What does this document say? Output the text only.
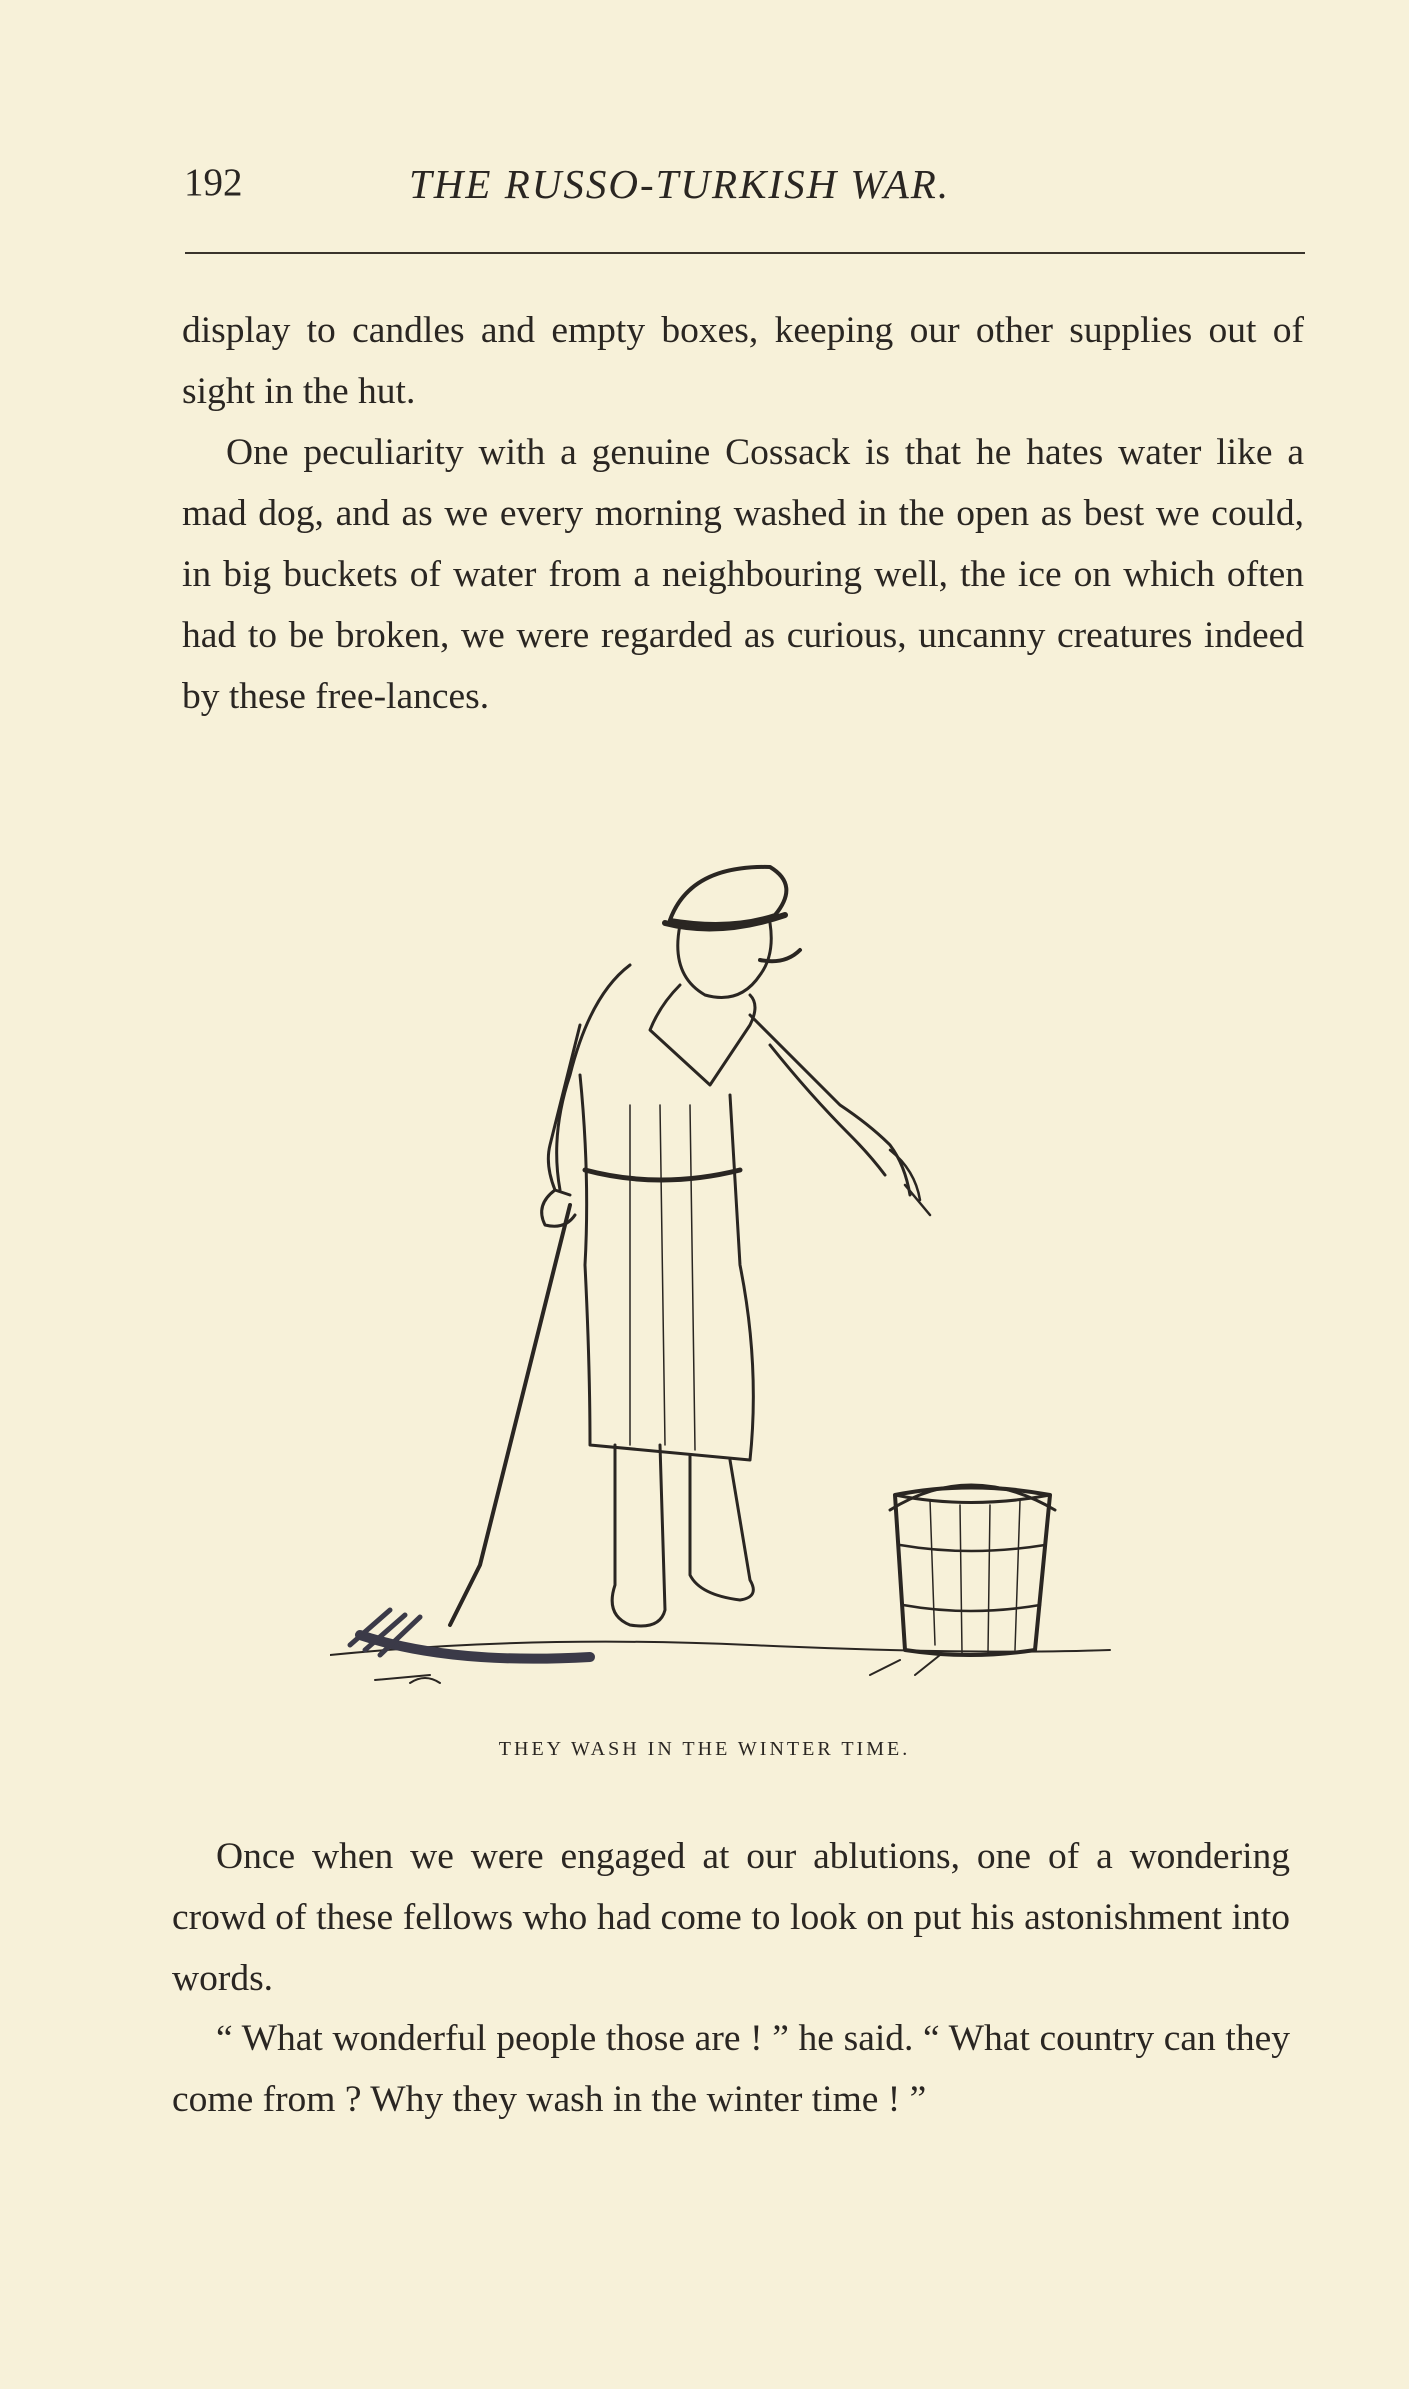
192	THE RUSSO-TURKISH WAR.

display to candles and empty boxes, keeping our other supplies out of sight in the hut.

One peculiarity with a genuine Cossack is that he hates water like a mad dog, and as we every morning washed in the open as best we could, in big buckets of water from a neighbouring well, the ice on which often had to be broken, we were regarded as curious, uncanny creatures indeed by these free-lances.

THEY WASH IN THE WINTER TIME.

Once when we were engaged at our ablutions, one of a wondering crowd of these fellows who had come to look on put his astonishment into words.

“ What wonderful people those are ! ” he said. “ What country can they come from ? Why they wash in the winter time ! ”
